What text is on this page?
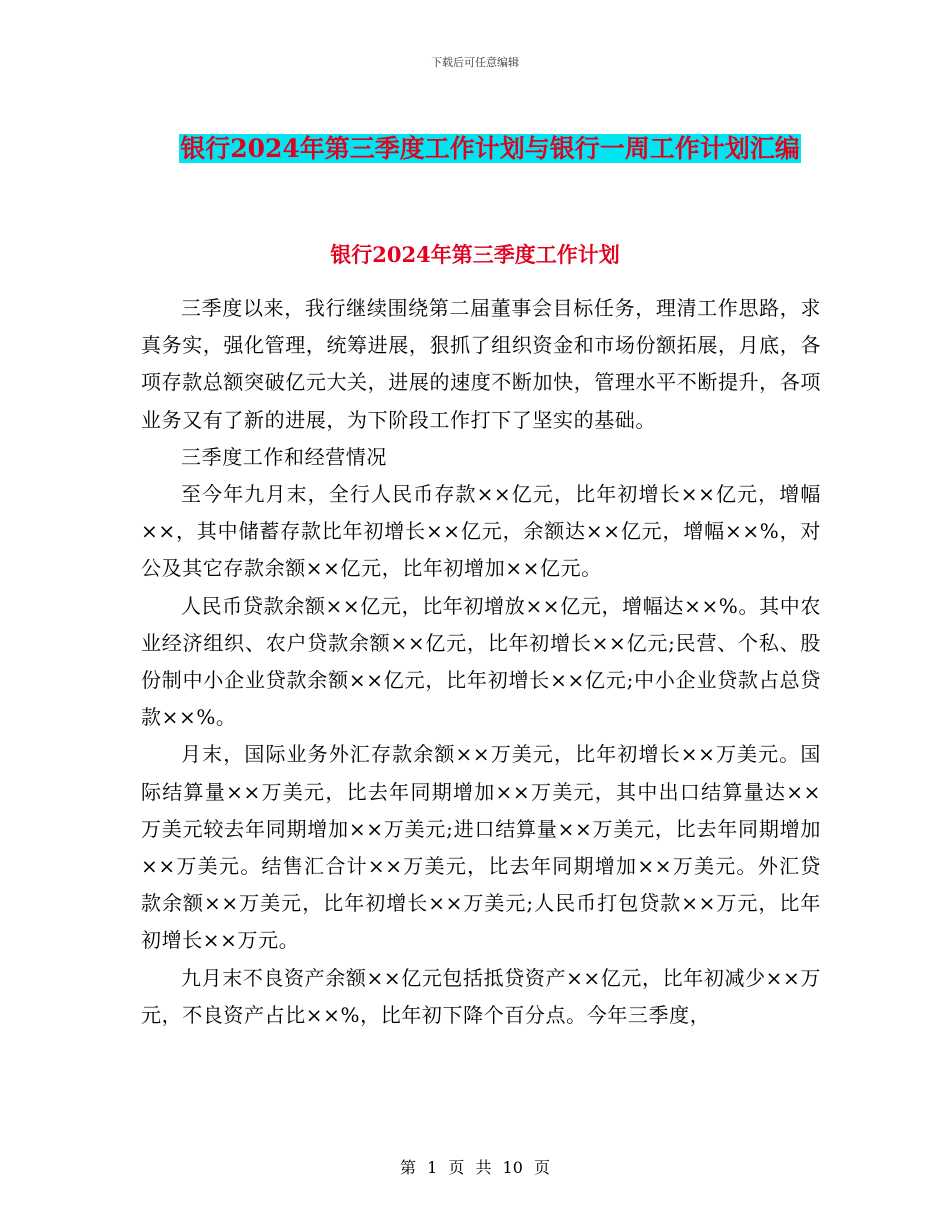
下载后可任意编辑
银行2024年第三季度工作计划与银行一周工作计划汇编
银行2024年第三季度工作计划

三季度以来，我行继续围绕第二届董事会目标任务，理清工作思路，求真务实，强化管理，统筹进展，狠抓了组织资金和市场份额拓展，月底，各项存款总额突破亿元大关，进展的速度不断加快，管理水平不断提升，各项业务又有了新的进展，为下阶段工作打下了坚实的基础。

三季度工作和经营情况

至今年九月末，全行人民币存款××亿元，比年初增长××亿元，增幅××，其中储蓄存款比年初增长××亿元，余额达××亿元，增幅××%，对公及其它存款余额××亿元，比年初增加××亿元。

人民币贷款余额××亿元，比年初增放××亿元，增幅达××%。其中农业经济组织、农户贷款余额××亿元，比年初增长××亿元;民营、个私、股份制中小企业贷款余额××亿元，比年初增长××亿元;中小企业贷款占总贷款××%。

月末，国际业务外汇存款余额××万美元，比年初增长××万美元。国际结算量××万美元，比去年同期增加××万美元，其中出口结算量达××万美元较去年同期增加××万美元;进口结算量××万美元，比去年同期增加××万美元。结售汇合计××万美元，比去年同期增加××万美元。外汇贷款余额××万美元，比年初增长××万美元;人民币打包贷款××万元，比年初增长××万元。

九月末不良资产余额××亿元包括抵贷资产××亿元，比年初减少××万元，不良资产占比××%，比年初下降个百分点。今年三季度，

第 1 页 共 10 页
